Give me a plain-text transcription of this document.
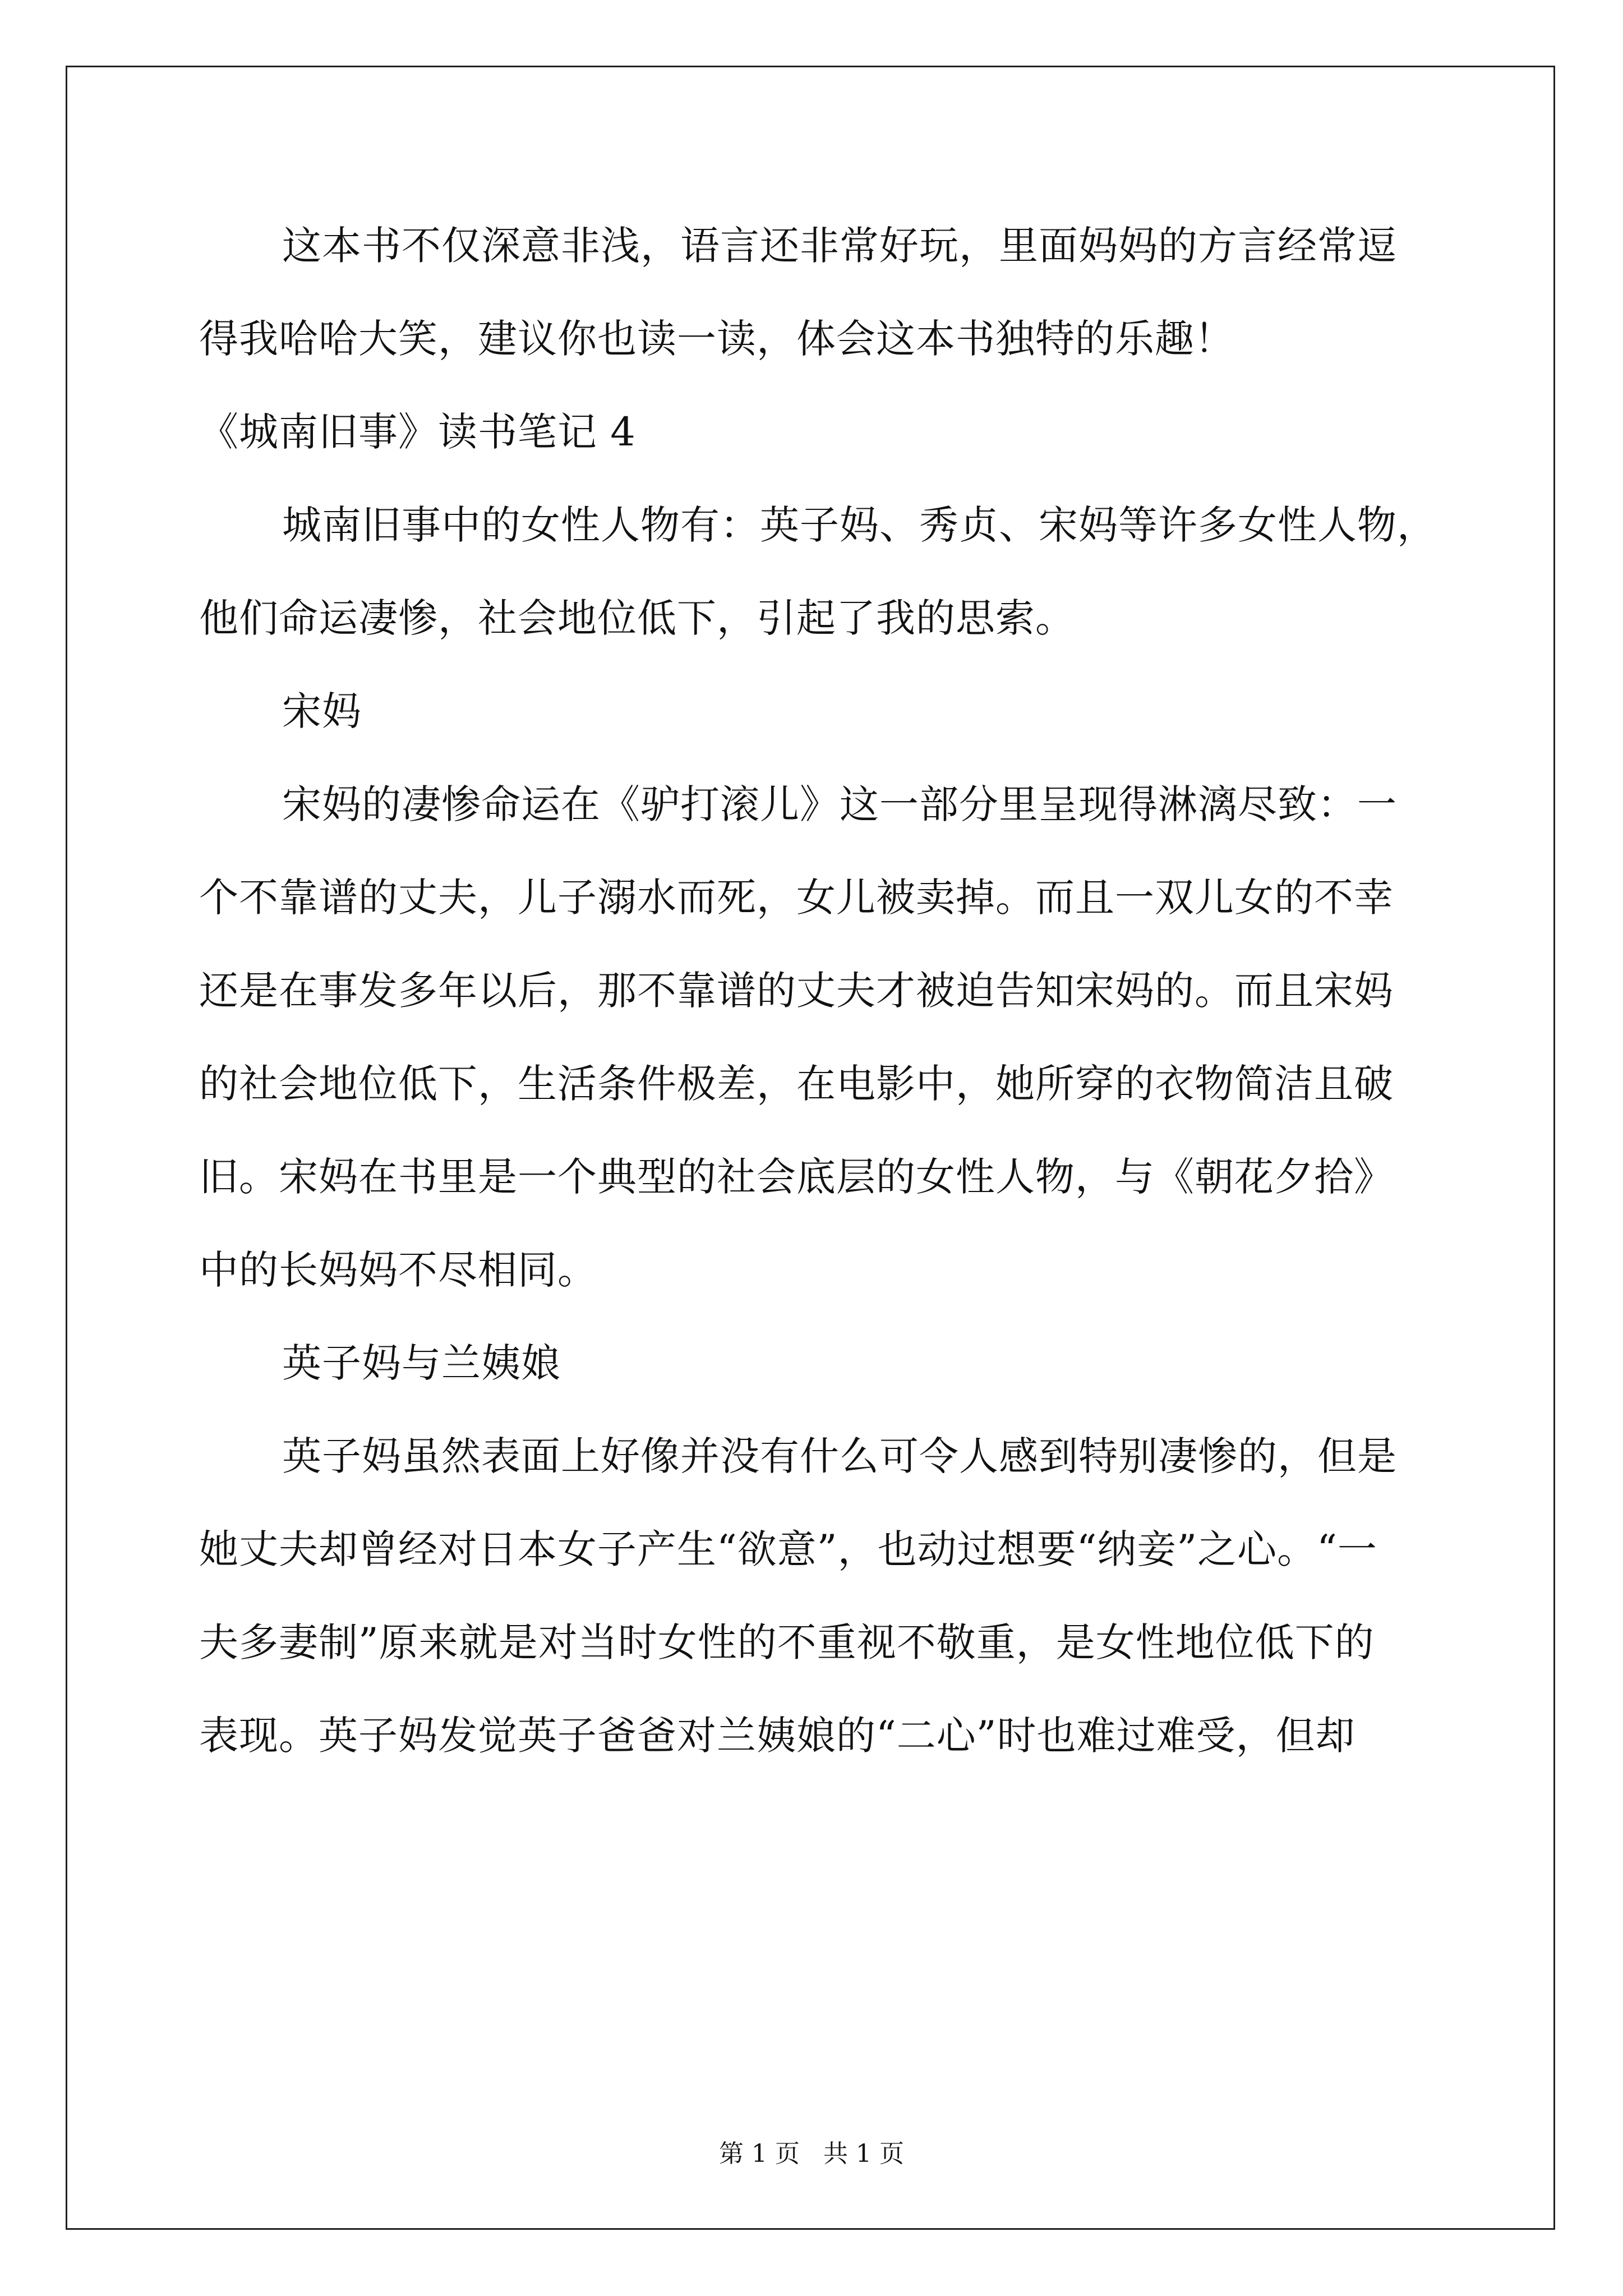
这本书不仅深意非浅，语言还非常好玩，里面妈妈的方言经常逗
得我哈哈大笑，建议你也读一读，体会这本书独特的乐趣！
《城南旧事》读书笔记 4
城南旧事中的女性人物有：英子妈、秀贞、宋妈等许多女性人物，
他们命运凄惨，社会地位低下，引起了我的思索。
宋妈
宋妈的凄惨命运在《驴打滚儿》这一部分里呈现得淋漓尽致：一
个不靠谱的丈夫，儿子溺水而死，女儿被卖掉。而且一双儿女的不幸
还是在事发多年以后，那不靠谱的丈夫才被迫告知宋妈的。而且宋妈
的社会地位低下，生活条件极差，在电影中，她所穿的衣物简洁且破
旧。宋妈在书里是一个典型的社会底层的女性人物，与《朝花夕拾》
中的长妈妈不尽相同。
英子妈与兰姨娘
英子妈虽然表面上好像并没有什么可令人感到特别凄惨的，但是
她丈夫却曾经对日本女子产生“欲意”，也动过想要“纳妾”之心。“一
夫多妻制”原来就是对当时女性的不重视不敬重，是女性地位低下的
表现。英子妈发觉英子爸爸对兰姨娘的“二心”时也难过难受，但却
第 1 页   共 1 页
